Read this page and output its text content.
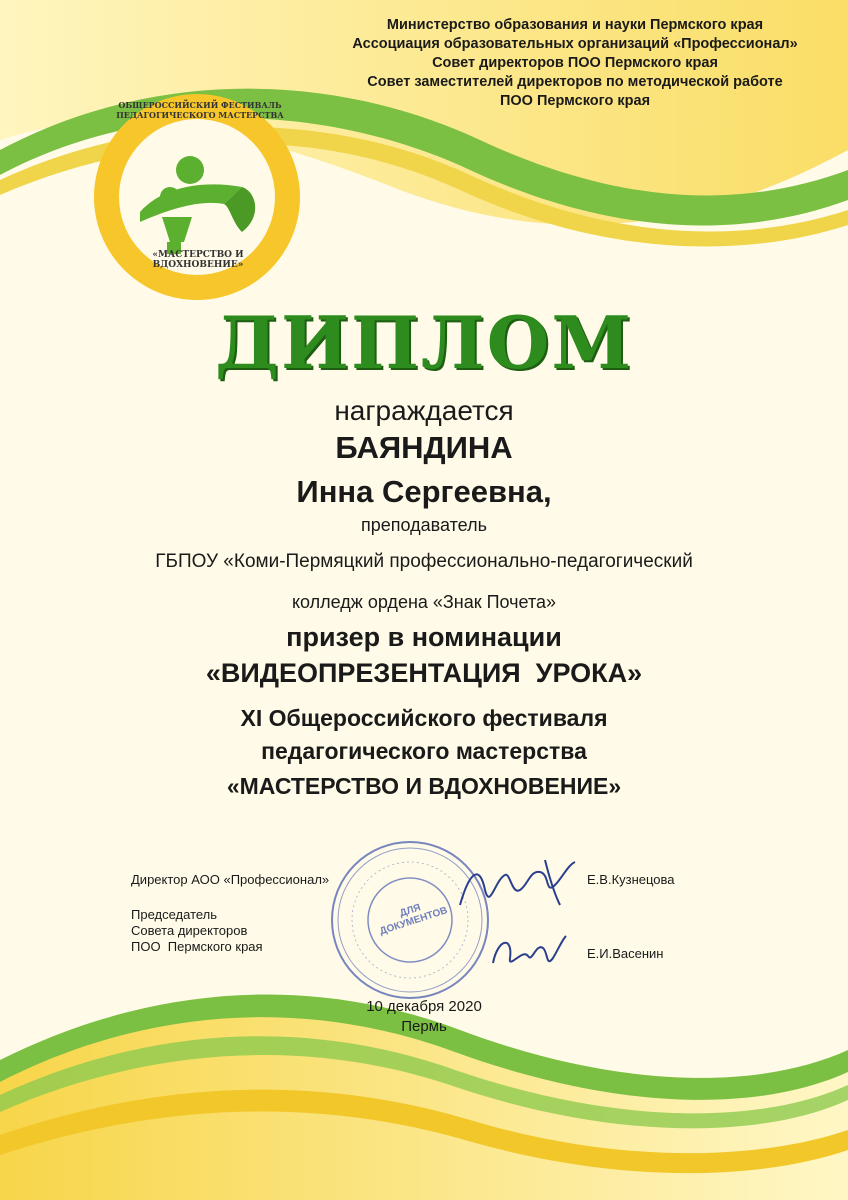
ОБЩЕРОССИЙСКИЙ ФЕСТИВАЛЬ ПЕДАГОГИЧЕСКОГО МАСТЕРСТВА
«МАСТЕРСТВО И ВДОХНОВЕНИЕ»
Министерство образования и науки Пермского края
Ассоциация образовательных организаций «Профессионал»
Совет директоров ПОО Пермского края
Совет заместителей директоров по методической работе
ПОО Пермского края
ДИПЛОМ
награждается
БАЯНДИНА
Инна Сергеевна,
преподаватель
ГБПОУ «Коми-Пермяцкий профессионально-педагогический
колледж ордена «Знак Почета»
призер в номинации
«ВИДЕОПРЕЗЕНТАЦИЯ  УРОКА»
XI Общероссийского фестиваля
педагогического мастерства
«МАСТЕРСТВО И ВДОХНОВЕНИЕ»
ДЛЯ ДОКУМЕНТОВ
Директор АОО «Профессионал»	Е.В.Кузнецова
Председатель
Совета директоров
ПОО  Пермского края	Е.И.Васенин
10 декабря 2020
Пермь
